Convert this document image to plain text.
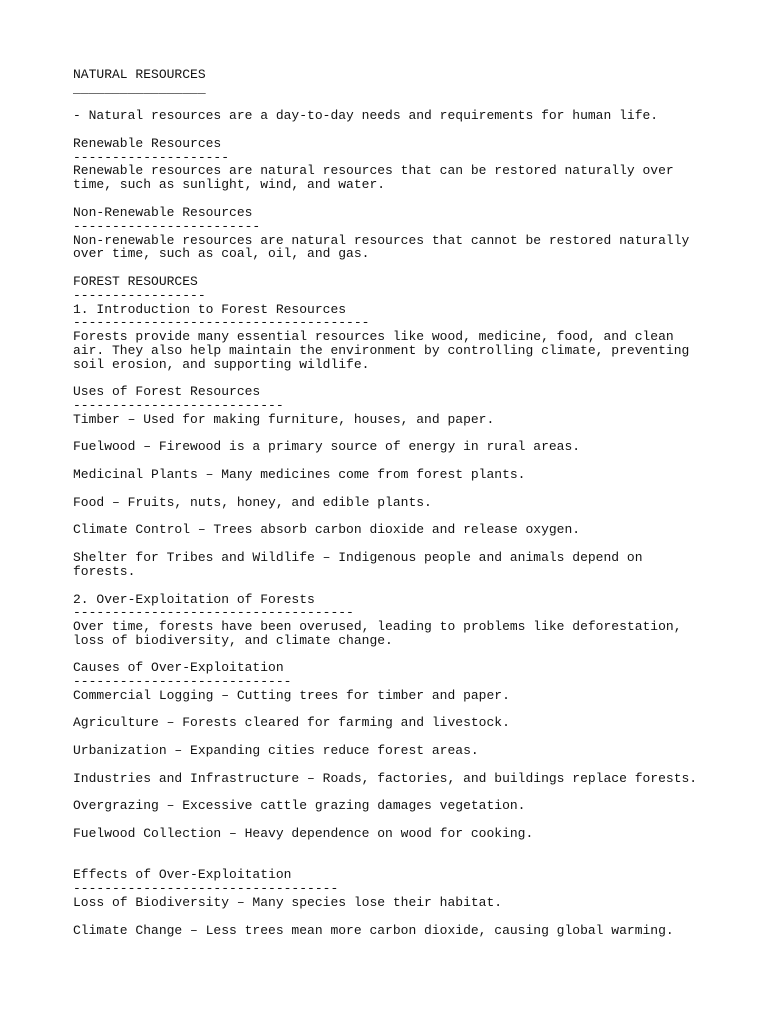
NATURAL RESOURCES
_________________
- Natural resources are a day-to-day needs and requirements for human life.
Renewable Resources
--------------------
Renewable resources are natural resources that can be restored naturally over
time, such as sunlight, wind, and water.
Non-Renewable Resources
------------------------
Non-renewable resources are natural resources that cannot be restored naturally
over time, such as coal, oil, and gas.
FOREST RESOURCES
-----------------
1. Introduction to Forest Resources
--------------------------------------
Forests provide many essential resources like wood, medicine, food, and clean
air. They also help maintain the environment by controlling climate, preventing
soil erosion, and supporting wildlife.
Uses of Forest Resources
---------------------------
Timber – Used for making furniture, houses, and paper.
Fuelwood – Firewood is a primary source of energy in rural areas.
Medicinal Plants – Many medicines come from forest plants.
Food – Fruits, nuts, honey, and edible plants.
Climate Control – Trees absorb carbon dioxide and release oxygen.
Shelter for Tribes and Wildlife – Indigenous people and animals depend on
forests.
2. Over-Exploitation of Forests
------------------------------------
Over time, forests have been overused, leading to problems like deforestation,
loss of biodiversity, and climate change.
Causes of Over-Exploitation
----------------------------
Commercial Logging – Cutting trees for timber and paper.
Agriculture – Forests cleared for farming and livestock.
Urbanization – Expanding cities reduce forest areas.
Industries and Infrastructure – Roads, factories, and buildings replace forests.
Overgrazing – Excessive cattle grazing damages vegetation.
Fuelwood Collection – Heavy dependence on wood for cooking.
Effects of Over-Exploitation
----------------------------------
Loss of Biodiversity – Many species lose their habitat.
Climate Change – Less trees mean more carbon dioxide, causing global warming.
